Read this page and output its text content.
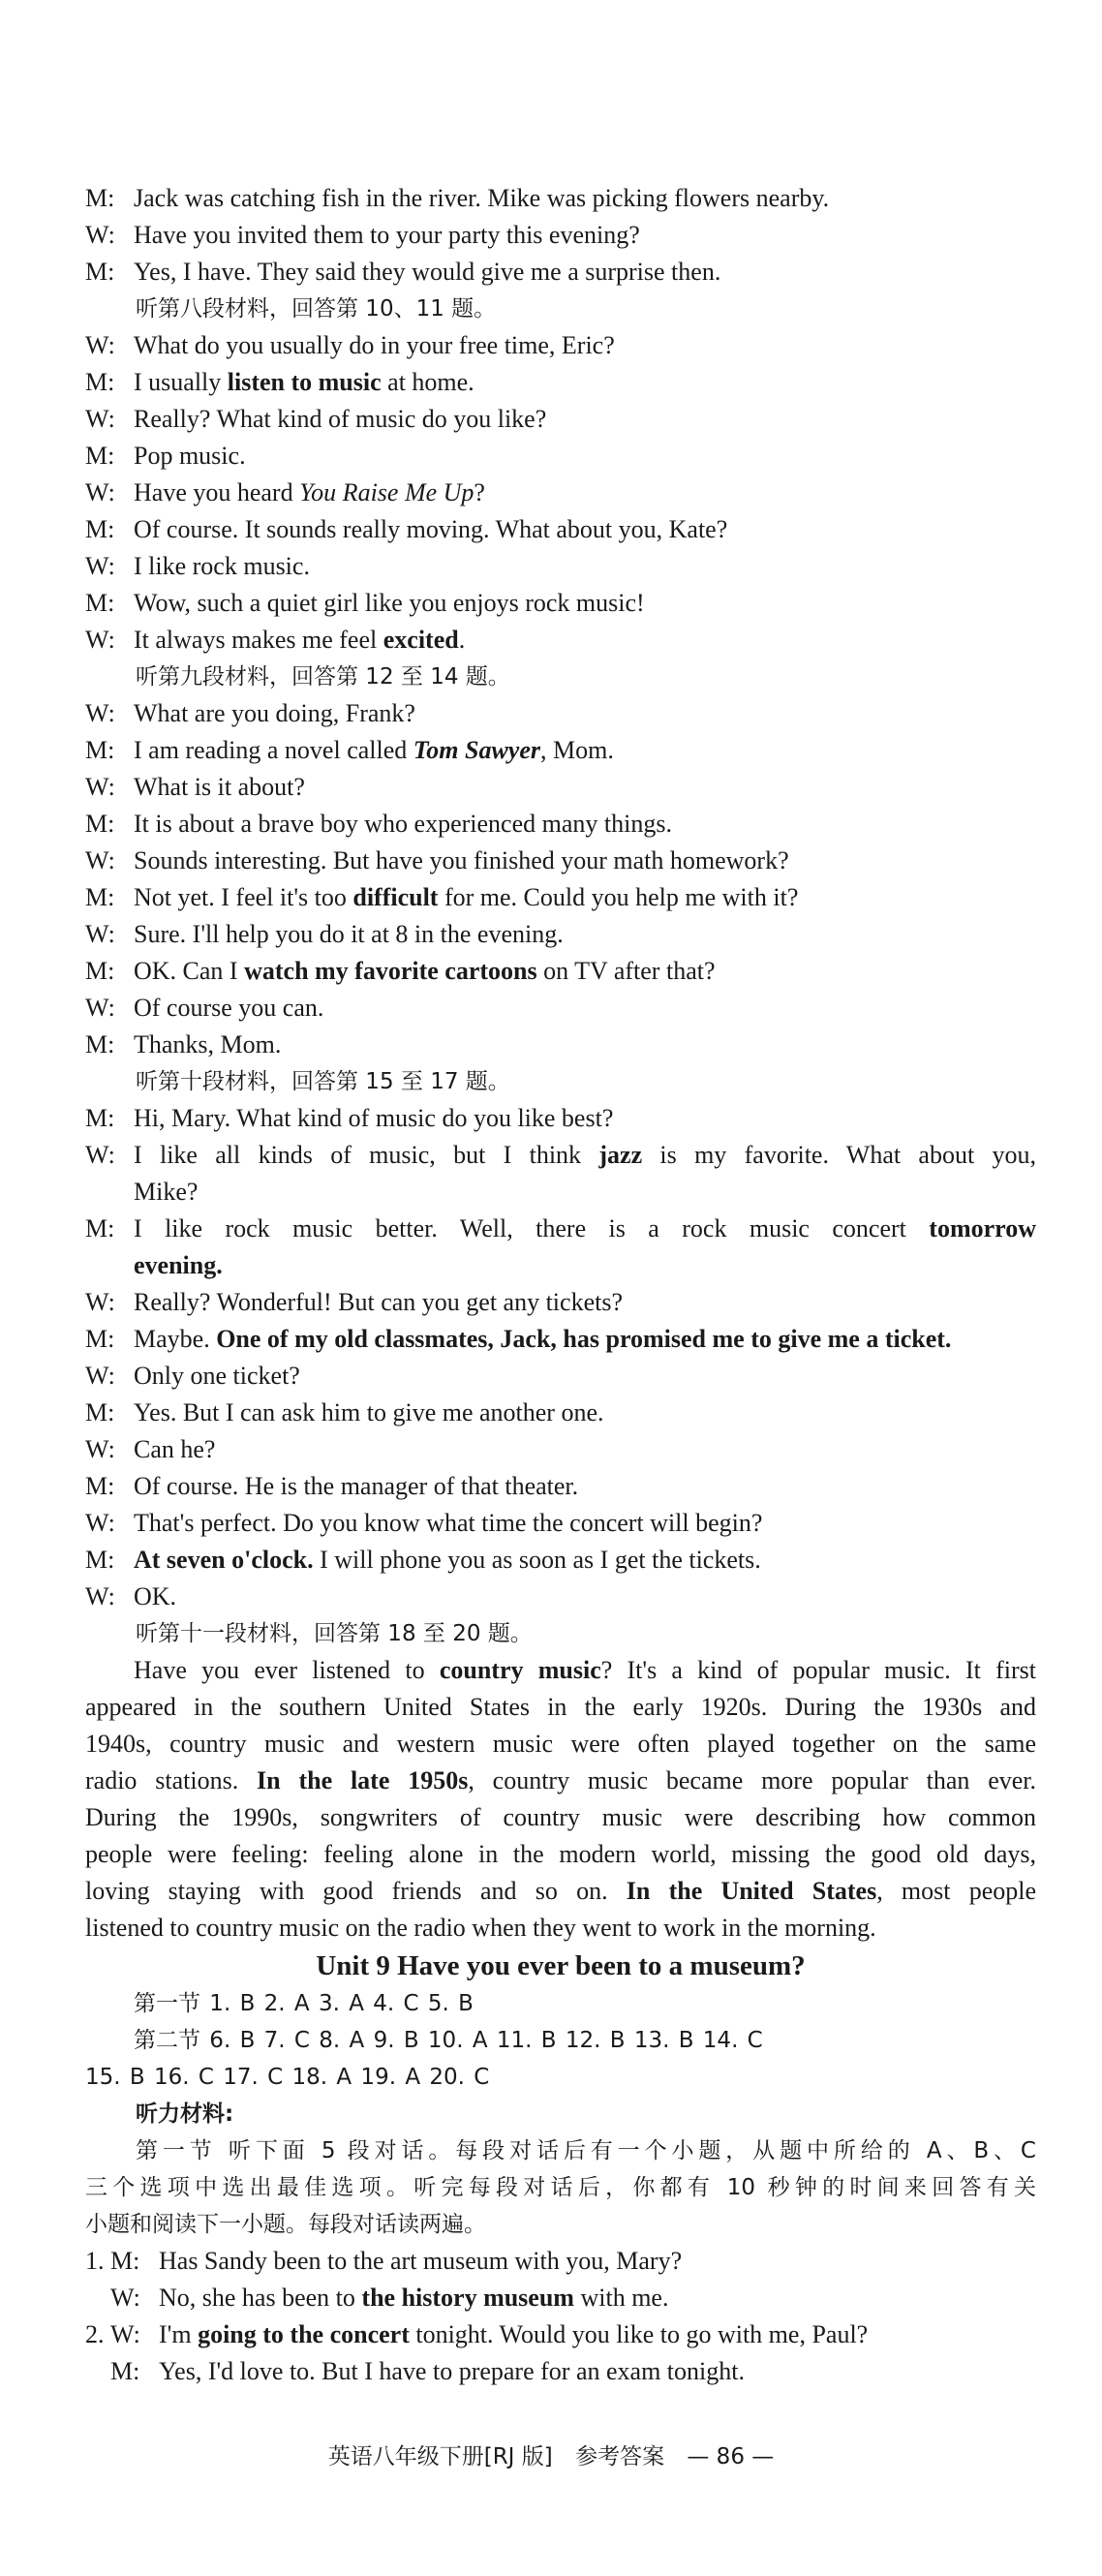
M: Jack was catching fish in the river. Mike was picking flowers nearby.
W: Have you invited them to your party this evening?
M: Yes, I have. They said they would give me a surprise then.
听第八段材料，回答第 10、11 题。
W: What do you usually do in your free time, Eric?
M: I usually listen to music at home.
W: Really? What kind of music do you like?
M: Pop music.
W: Have you heard You Raise Me Up?
M: Of course. It sounds really moving. What about you, Kate?
W: I like rock music.
M: Wow, such a quiet girl like you enjoys rock music!
W: It always makes me feel excited.
听第九段材料，回答第 12 至 14 题。
W: What are you doing, Frank?
M: I am reading a novel called Tom Sawyer, Mom.
W: What is it about?
M: It is about a brave boy who experienced many things.
W: Sounds interesting. But have you finished your math homework?
M: Not yet. I feel it's too difficult for me. Could you help me with it?
W: Sure. I'll help you do it at 8 in the evening.
M: OK. Can I watch my favorite cartoons on TV after that?
W: Of course you can.
M: Thanks, Mom.
听第十段材料，回答第 15 至 17 题。
M: Hi, Mary. What kind of music do you like best?
W: I like all kinds of music, but I think jazz is my favorite. What about you,
Mike?
M: I like rock music better. Well, there is a rock music concert tomorrow
evening.
W: Really? Wonderful! But can you get any tickets?
M: Maybe. One of my old classmates, Jack, has promised me to give me a ticket.
W: Only one ticket?
M: Yes. But I can ask him to give me another one.
W: Can he?
M: Of course. He is the manager of that theater.
W: That's perfect. Do you know what time the concert will begin?
M: At seven o'clock. I will phone you as soon as I get the tickets.
W: OK.
听第十一段材料，回答第 18 至 20 题。
Have you ever listened to country music? It's a kind of popular music. It first
appeared in the southern United States in the early 1920s. During the 1930s and
1940s, country music and western music were often played together on the same
radio stations. In the late 1950s, country music became more popular than ever.
During the 1990s, songwriters of country music were describing how common
people were feeling: feeling alone in the modern world, missing the good old days,
loving staying with good friends and so on. In the United States, most people
listened to country music on the radio when they went to work in the morning.
Unit 9 Have you ever been to a museum?
第一节 1. B 2. A 3. A 4. C 5. B
第二节 6. B 7. C 8. A 9. B 10. A 11. B 12. B 13. B 14. C
15. B 16. C 17. C 18. A 19. A 20. C
听力材料:
第一节 听下面 5 段对话。每段对话后有一个小题，从题中所给的 A、B、C
三个选项中选出最佳选项。听完每段对话后，你都有 10 秒钟的时间来回答有关
小题和阅读下一小题。每段对话读两遍。
1. M: Has Sandy been to the art museum with you, Mary?
W: No, she has been to the history museum with me.
2. W: I'm going to the concert tonight. Would you like to go with me, Paul?
M: Yes, I'd love to. But I have to prepare for an exam tonight.
英语八年级下册[RJ 版] 参考答案 — 86 —
